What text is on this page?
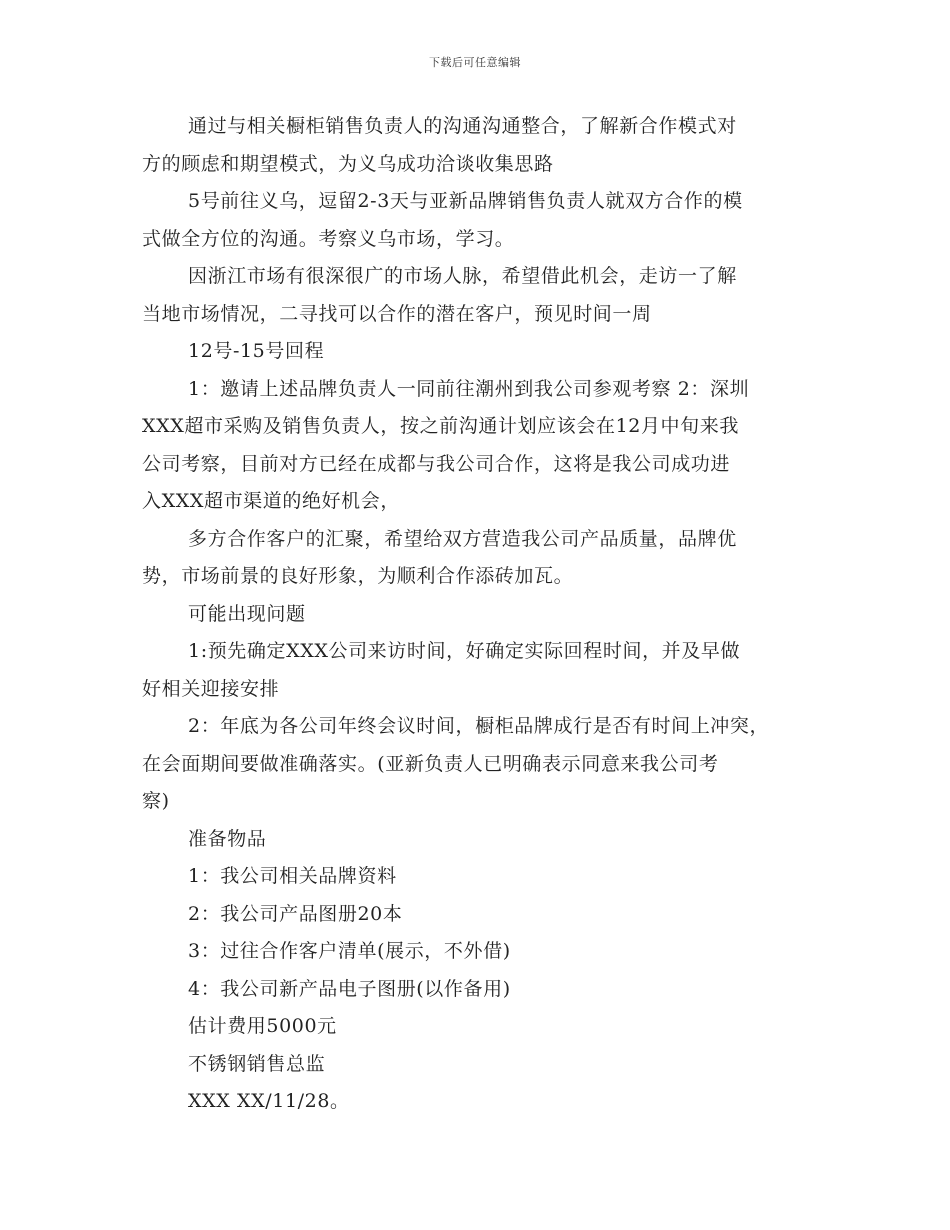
下载后可任意编辑
通过与相关橱柜销售负责人的沟通沟通整合，了解新合作模式对
方的顾虑和期望模式，为义乌成功洽谈收集思路
5号前往义乌，逗留2-3天与亚新品牌销售负责人就双方合作的模
式做全方位的沟通。考察义乌市场，学习。
因浙江市场有很深很广的市场人脉，希望借此机会，走访一了解
当地市场情况，二寻找可以合作的潜在客户，预见时间一周
12号-15号回程
1：邀请上述品牌负责人一同前往潮州到我公司参观考察 2：深圳
XXX超市采购及销售负责人，按之前沟通计划应该会在12月中旬来我
公司考察，目前对方已经在成都与我公司合作，这将是我公司成功进
入XXX超市渠道的绝好机会，
多方合作客户的汇聚，希望给双方营造我公司产品质量，品牌优
势，市场前景的良好形象，为顺利合作添砖加瓦。
可能出现问题
1:预先确定XXX公司来访时间，好确定实际回程时间，并及早做
好相关迎接安排
2：年底为各公司年终会议时间，橱柜品牌成行是否有时间上冲突，
在会面期间要做准确落实。(亚新负责人已明确表示同意来我公司考
察)
准备物品
1：我公司相关品牌资料
2：我公司产品图册20本
3：过往合作客户清单(展示，不外借)
4：我公司新产品电子图册(以作备用)
估计费用5000元
不锈钢销售总监
XXX XX/11/28。
